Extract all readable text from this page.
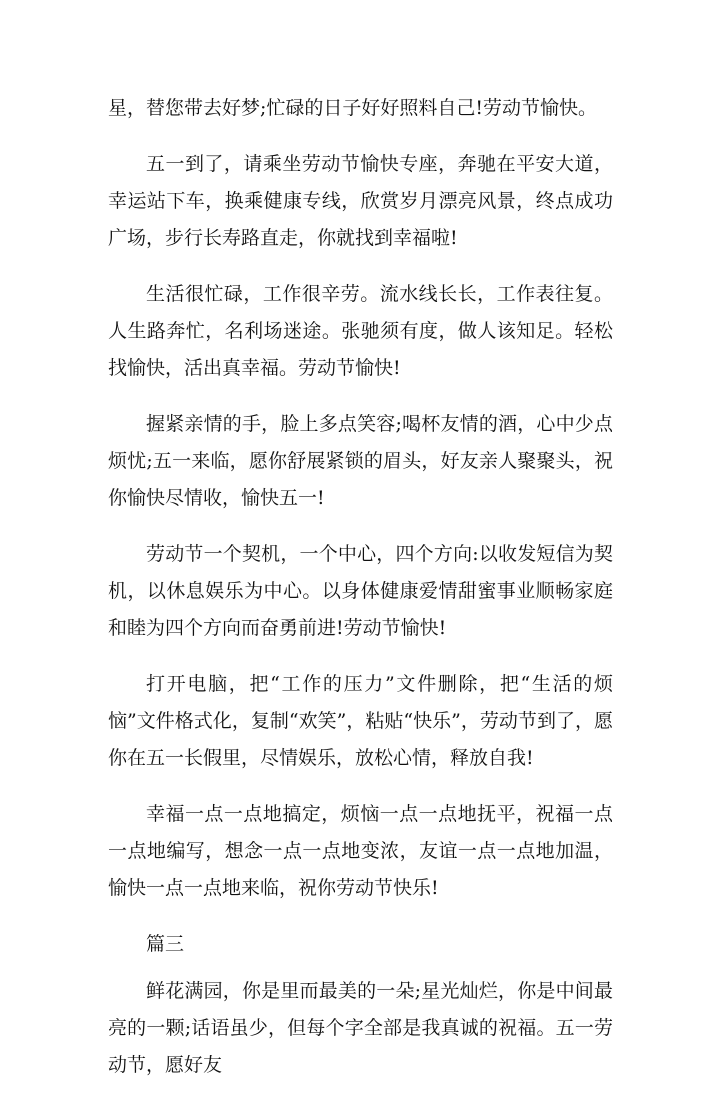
星，替您带去好梦;忙碌的日子好好照料自己!劳动节愉快。

五一到了，请乘坐劳动节愉快专座，奔驰在平安大道，幸运站下车，换乘健康专线，欣赏岁月漂亮风景，终点成功广场，步行长寿路直走，你就找到幸福啦!

生活很忙碌，工作很辛劳。流水线长长，工作表往复。人生路奔忙，名利场迷途。张驰须有度，做人该知足。轻松找愉快，活出真幸福。劳动节愉快!

握紧亲情的手，脸上多点笑容;喝杯友情的酒，心中少点烦忧;五一来临，愿你舒展紧锁的眉头，好友亲人聚聚头，祝你愉快尽情收，愉快五一!

劳动节一个契机，一个中心，四个方向:以收发短信为契机，以休息娱乐为中心。以身体健康爱情甜蜜事业顺畅家庭和睦为四个方向而奋勇前进!劳动节愉快!

打开电脑，把“工作的压力”文件删除，把“生活的烦恼”文件格式化，复制“欢笑”，粘贴“快乐”，劳动节到了，愿你在五一长假里，尽情娱乐，放松心情，释放自我!

幸福一点一点地搞定，烦恼一点一点地抚平，祝福一点一点地编写，想念一点一点地变浓，友谊一点一点地加温，愉快一点一点地来临，祝你劳动节快乐!

篇三

鲜花满园，你是里而最美的一朵;星光灿烂，你是中间最亮的一颗;话语虽少，但每个字全部是我真诚的祝福。五一劳动节，愿好友
